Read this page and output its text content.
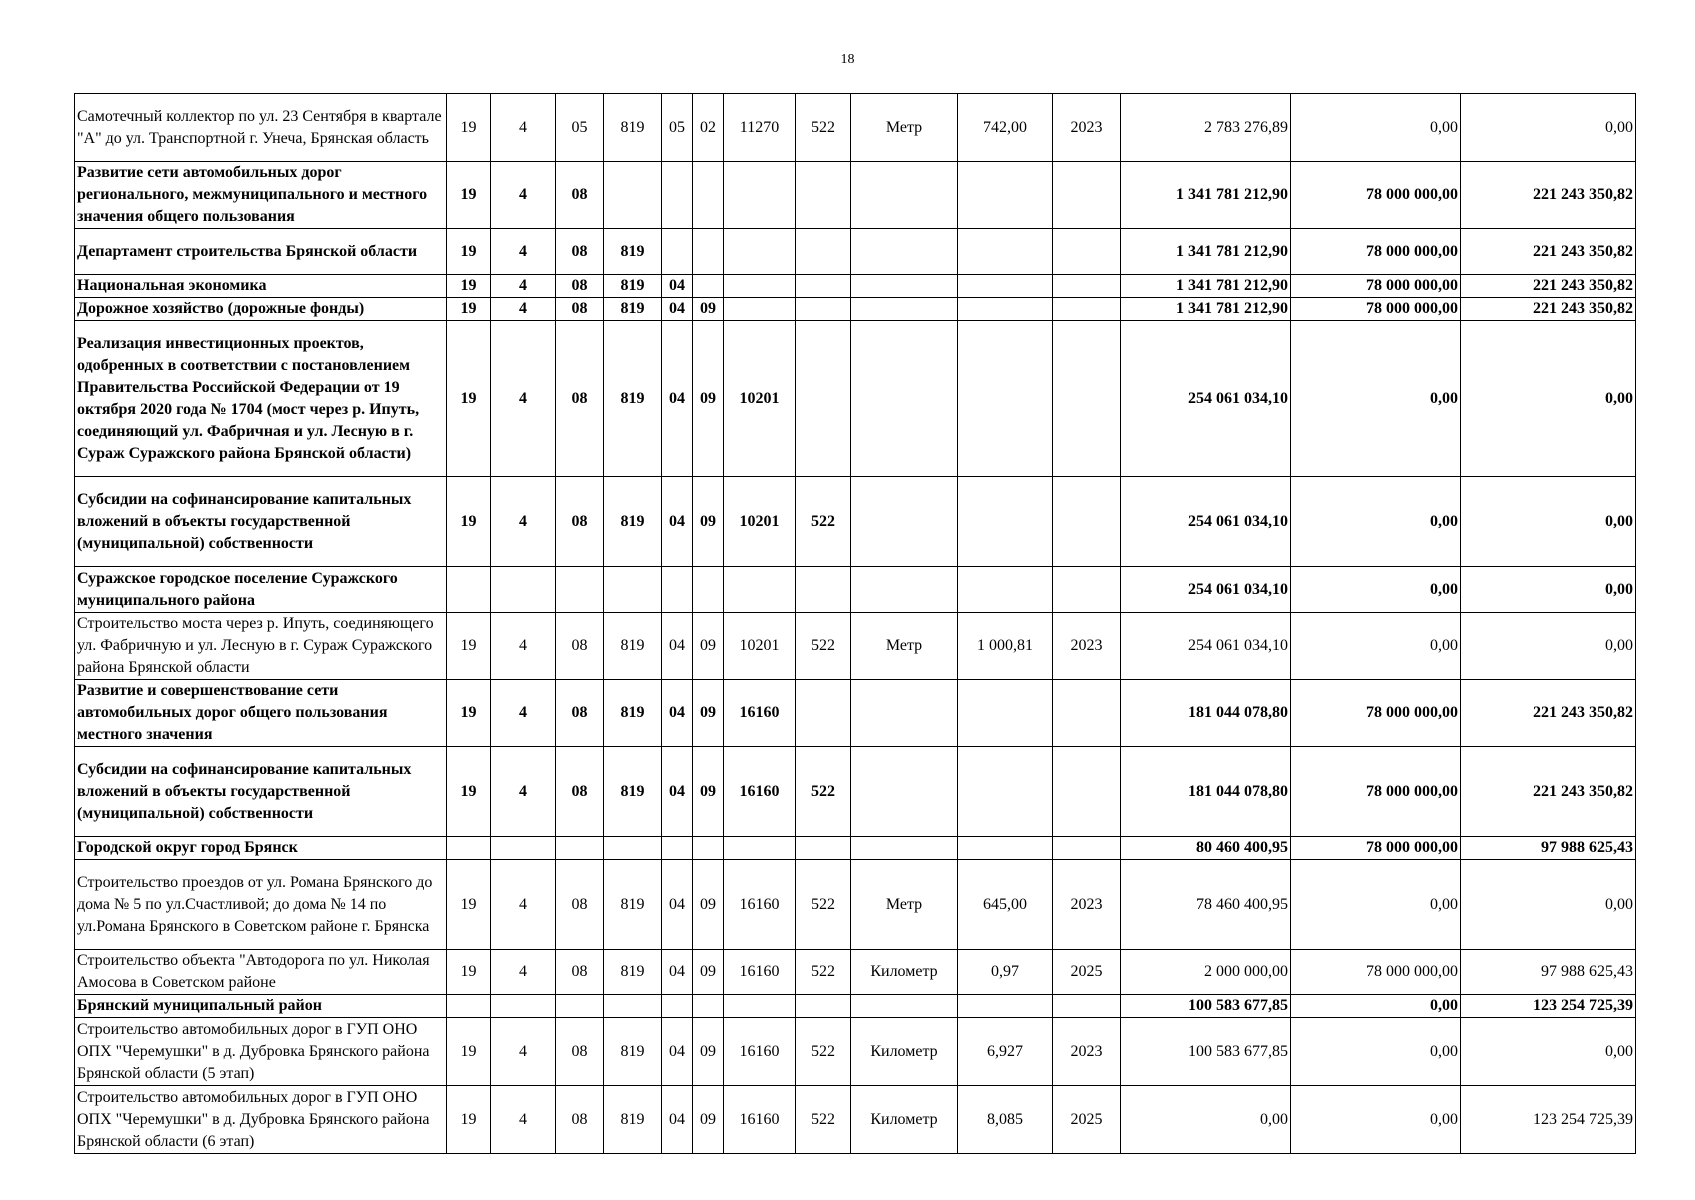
18
Самотечный коллектор по ул. 23 Сентября в квартале "А" до ул. Транспортной г. Унеча, Брянская область	19	4	05	819	05	02	11270	522	Метр	742,00	2023	2 783 276,89	0,00	0,00
Развитие сети автомобильных дорог регионального, межмуниципального и местного значения общего пользования	19	4	08									1 341 781 212,90	78 000 000,00	221 243 350,82
Департамент строительства Брянской области	19	4	08	819								1 341 781 212,90	78 000 000,00	221 243 350,82
Национальная экономика	19	4	08	819	04							1 341 781 212,90	78 000 000,00	221 243 350,82
Дорожное хозяйство (дорожные фонды)	19	4	08	819	04	09						1 341 781 212,90	78 000 000,00	221 243 350,82
Реализация инвестиционных проектов, одобренных в соответствии с постановлением Правительства Российской Федерации от 19 октября 2020 года № 1704 (мост через р. Ипуть, соединяющий ул. Фабричная и ул. Лесную в г. Сураж Суражского района Брянской области)	19	4	08	819	04	09	10201					254 061 034,10	0,00	0,00
Субсидии на софинансирование капитальных вложений в объекты государственной (муниципальной) собственности	19	4	08	819	04	09	10201	522				254 061 034,10	0,00	0,00
Суражское городское поселение Суражского муниципального района												254 061 034,10	0,00	0,00
Строительство моста через р. Ипуть, соединяющего ул. Фабричную и ул. Лесную в г. Сураж Суражского района Брянской области	19	4	08	819	04	09	10201	522	Метр	1 000,81	2023	254 061 034,10	0,00	0,00
Развитие и совершенствование сети автомобильных дорог общего пользования местного значения	19	4	08	819	04	09	16160					181 044 078,80	78 000 000,00	221 243 350,82
Субсидии на софинансирование капитальных вложений в объекты государственной (муниципальной) собственности	19	4	08	819	04	09	16160	522				181 044 078,80	78 000 000,00	221 243 350,82
Городской округ город Брянск												80 460 400,95	78 000 000,00	97 988 625,43
Строительство проездов от ул. Романа Брянского до дома № 5 по ул.Счастливой; до дома № 14 по ул.Романа Брянского в Советском районе г. Брянска	19	4	08	819	04	09	16160	522	Метр	645,00	2023	78 460 400,95	0,00	0,00
Строительство объекта "Автодорога по ул. Николая Амосова в Советском районе	19	4	08	819	04	09	16160	522	Километр	0,97	2025	2 000 000,00	78 000 000,00	97 988 625,43
Брянский муниципальный район												100 583 677,85	0,00	123 254 725,39
Строительство автомобильных дорог в ГУП ОНО ОПХ "Черемушки" в д. Дубровка Брянского района Брянской области (5 этап)	19	4	08	819	04	09	16160	522	Километр	6,927	2023	100 583 677,85	0,00	0,00
Строительство автомобильных дорог в ГУП ОНО ОПХ "Черемушки" в д. Дубровка Брянского района Брянской области (6 этап)	19	4	08	819	04	09	16160	522	Километр	8,085	2025	0,00	0,00	123 254 725,39
